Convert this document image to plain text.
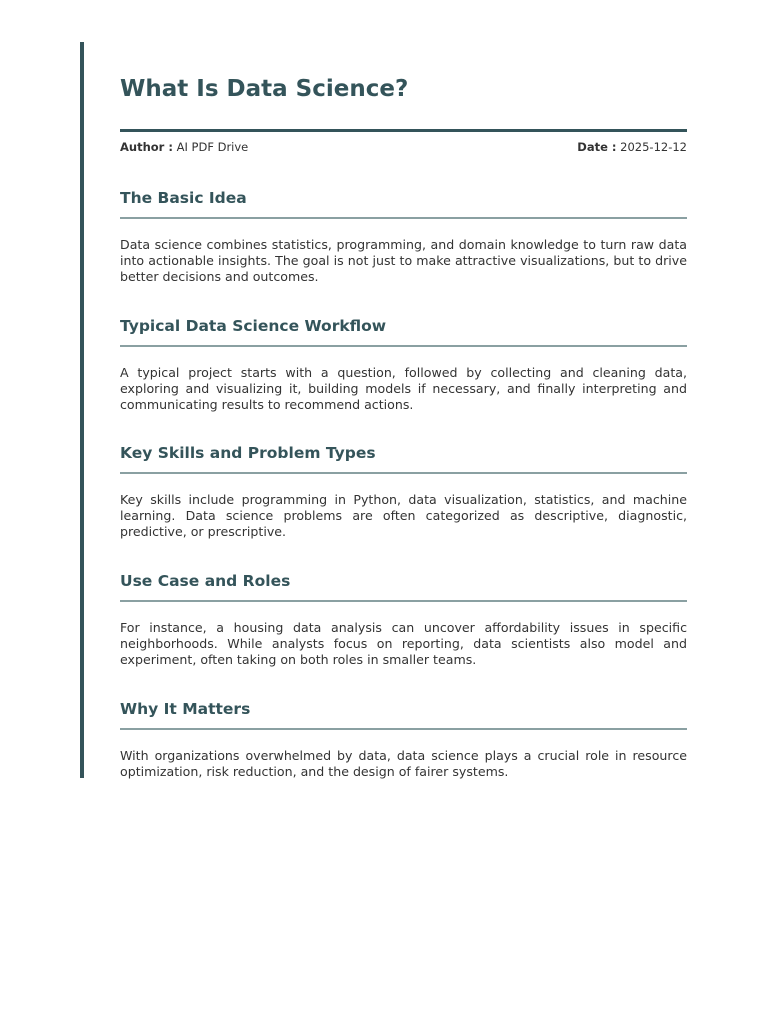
What Is Data Science?
Author : AI PDF Drive	Date : 2025-12-12
The Basic Idea

Data science combines statistics, programming, and domain knowledge to turn raw data into actionable insights. The goal is not just to make attractive visualizations, but to drive better decisions and outcomes.

Typical Data Science Workflow

A typical project starts with a question, followed by collecting and cleaning data, exploring and visualizing it, building models if necessary, and finally interpreting and communicating results to recommend actions.

Key Skills and Problem Types

Key skills include programming in Python, data visualization, statistics, and machine learning. Data science problems are often categorized as descriptive, diagnostic, predictive, or prescriptive.

Use Case and Roles

For instance, a housing data analysis can uncover affordability issues in specific neighborhoods. While analysts focus on reporting, data scientists also model and experiment, often taking on both roles in smaller teams.

Why It Matters

With organizations overwhelmed by data, data science plays a crucial role in resource optimization, risk reduction, and the design of fairer systems.
